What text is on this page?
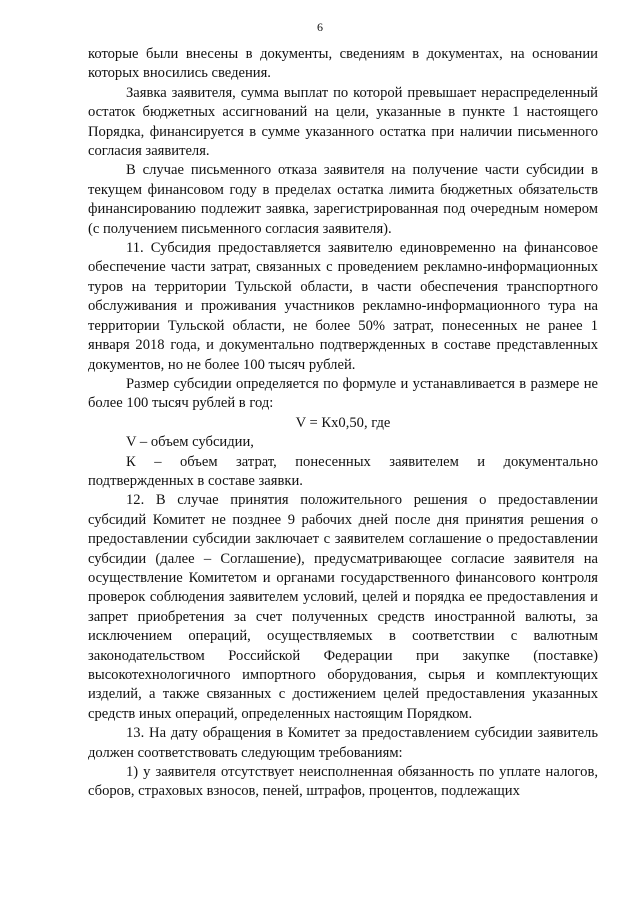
6

которые были внесены в документы, сведениям в документах, на основании которых вносились сведения.

Заявка заявителя, сумма выплат по которой превышает нераспределенный остаток бюджетных ассигнований на цели, указанные в пункте 1 настоящего Порядка, финансируется в сумме указанного остатка при наличии письменного согласия заявителя.

В случае письменного отказа заявителя на получение части субсидии в текущем финансовом году в пределах остатка лимита бюджетных обязательств финансированию подлежит заявка, зарегистрированная под очередным номером (с получением письменного согласия заявителя).

11. Субсидия предоставляется заявителю единовременно на финансовое обеспечение части затрат, связанных с проведением рекламно-информационных туров на территории Тульской области, в части обеспечения транспортного обслуживания и проживания участников рекламно-информационного тура на территории Тульской области, не более 50% затрат, понесенных не ранее 1 января 2018 года, и документально подтвержденных в составе представленных документов, но не более 100 тысяч рублей.

Размер субсидии определяется по формуле и устанавливается в размере не более 100 тысяч рублей в год:

V = Кх0,50, где

V – объем субсидии,

К – объем затрат, понесенных заявителем и документально подтвержденных в составе заявки.

12. В случае принятия положительного решения о предоставлении субсидий Комитет не позднее 9 рабочих дней после дня принятия решения о предоставлении субсидии заключает с заявителем соглашение о предоставлении субсидии (далее – Соглашение), предусматривающее согласие заявителя на осуществление Комитетом и органами государственного финансового контроля проверок соблюдения заявителем условий, целей и порядка ее предоставления и запрет приобретения за счет полученных средств иностранной валюты, за исключением операций, осуществляемых в соответствии с валютным законодательством Российской Федерации при закупке (поставке) высокотехнологичного импортного оборудования, сырья и комплектующих изделий, а также связанных с достижением целей предоставления указанных средств иных операций, определенных настоящим Порядком.

13. На дату обращения в Комитет за предоставлением субсидии заявитель должен соответствовать следующим требованиям:

1) у заявителя отсутствует неисполненная обязанность по уплате налогов, сборов, страховых взносов, пеней, штрафов, процентов, подлежащих
